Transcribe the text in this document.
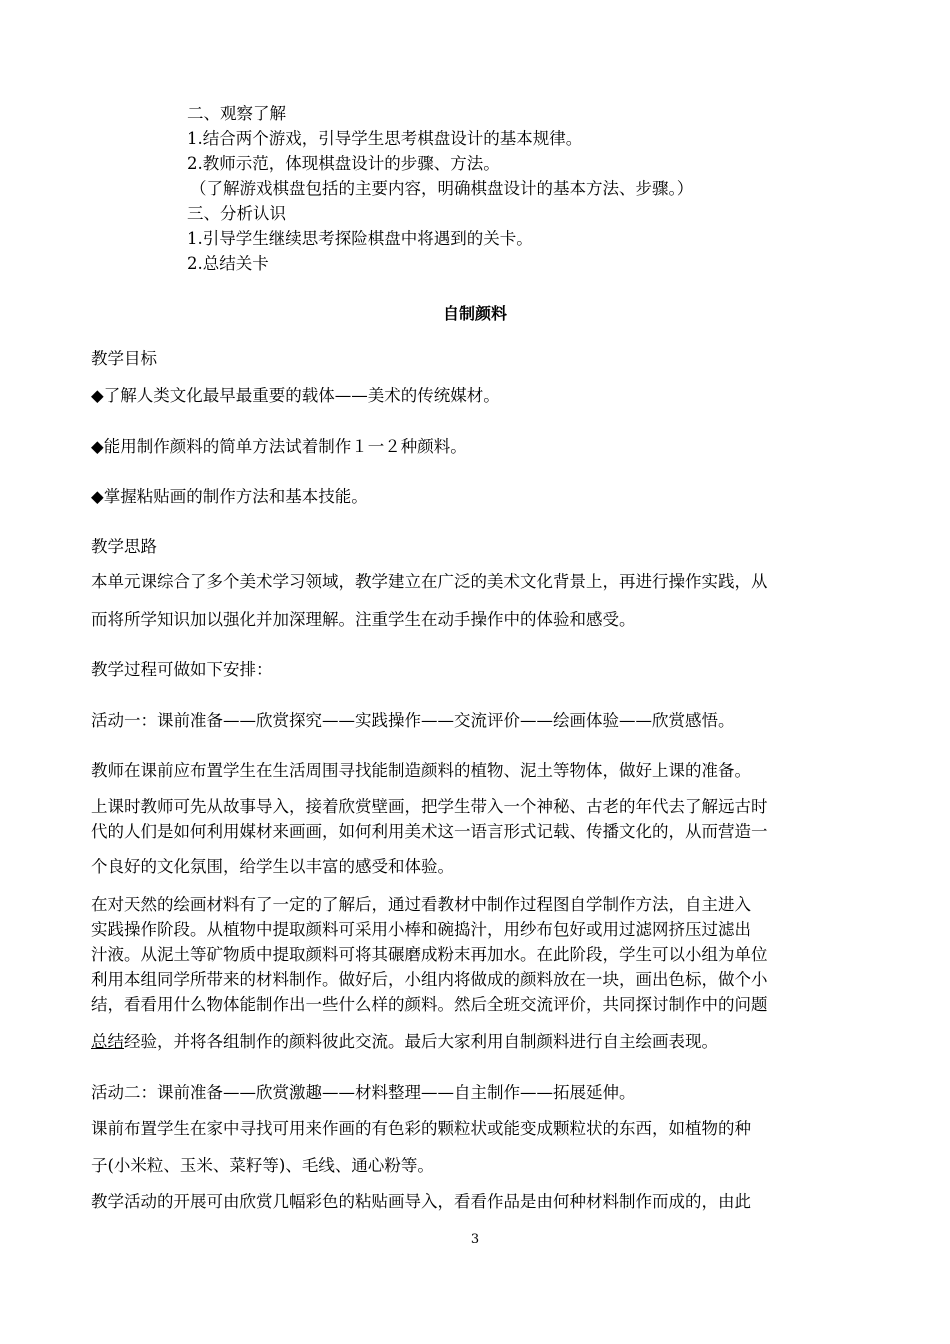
二、观察了解
1.结合两个游戏，引导学生思考棋盘设计的基本规律。
2.教师示范，体现棋盘设计的步骤、方法。
（了解游戏棋盘包括的主要内容，明确棋盘设计的基本方法、步骤。）
三、分析认识
1.引导学生继续思考探险棋盘中将遇到的关卡。
2.总结关卡
自制颜料
教学目标
◆了解人类文化最早最重要的载体——美术的传统媒材。
◆能用制作颜料的简单方法试着制作１一２种颜料。
◆掌握粘贴画的制作方法和基本技能。
教学思路
本单元课综合了多个美术学习领域，教学建立在广泛的美术文化背景上，再进行操作实践，从
而将所学知识加以强化并加深理解。注重学生在动手操作中的体验和感受。
教学过程可做如下安排：
活动一：课前准备——欣赏探究——实践操作——交流评价——绘画体验——欣赏感悟。
教师在课前应布置学生在生活周围寻找能制造颜料的植物、泥土等物体，做好上课的准备。
上课时教师可先从故事导入，接着欣赏壁画，把学生带入一个神秘、古老的年代去了解远古时
代的人们是如何利用媒材来画画，如何利用美术这一语言形式记载、传播文化的，从而营造一
个良好的文化氛围，给学生以丰富的感受和体验。
在对天然的绘画材料有了一定的了解后，通过看教材中制作过程图自学制作方法，自主进入
实践操作阶段。从植物中提取颜料可采用小棒和碗捣汁，用纱布包好或用过滤网挤压过滤出
汁液。从泥土等矿物质中提取颜料可将其碾磨成粉末再加水。在此阶段，学生可以小组为单位
利用本组同学所带来的材料制作。做好后，小组内将做成的颜料放在一块，画出色标，做个小
结，看看用什么物体能制作出一些什么样的颜料。然后全班交流评价，共同探讨制作中的问题
总结经验，并将各组制作的颜料彼此交流。最后大家利用自制颜料进行自主绘画表现。
活动二：课前准备——欣赏激趣——材料整理——自主制作——拓展延伸。
课前布置学生在家中寻找可用来作画的有色彩的颗粒状或能变成颗粒状的东西，如植物的种
子(小米粒、玉米、菜籽等)、毛线、通心粉等。
教学活动的开展可由欣赏几幅彩色的粘贴画导入，看看作品是由何种材料制作而成的，由此
3
